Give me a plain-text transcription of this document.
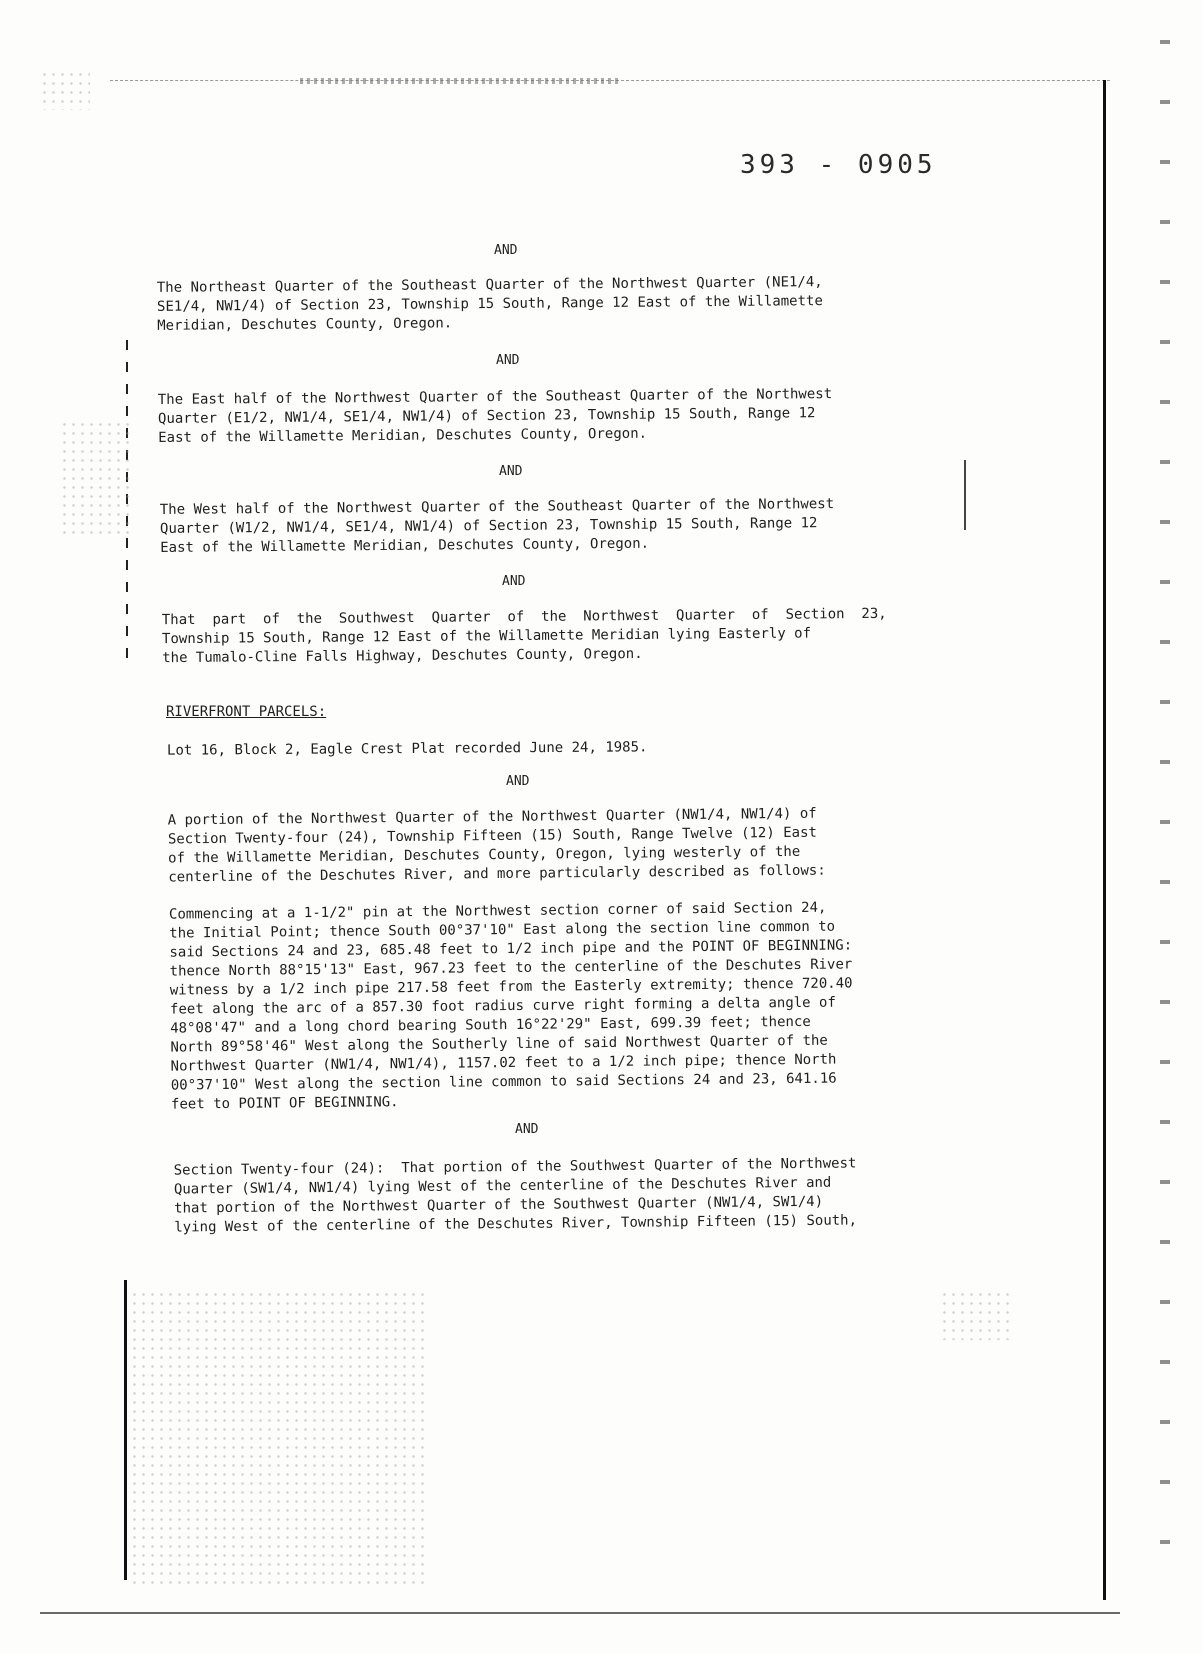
393 - 0905
AND
The Northeast Quarter of the Southeast Quarter of the Northwest Quarter (NE1/4,
SE1/4, NW1/4) of Section 23, Township 15 South, Range 12 East of the Willamette
Meridian, Deschutes County, Oregon.
AND
The East half of the Northwest Quarter of the Southeast Quarter of the Northwest
Quarter (E1/2, NW1/4, SE1/4, NW1/4) of Section 23, Township 15 South, Range 12
East of the Willamette Meridian, Deschutes County, Oregon.
AND
The West half of the Northwest Quarter of the Southeast Quarter of the Northwest
Quarter (W1/2, NW1/4, SE1/4, NW1/4) of Section 23, Township 15 South, Range 12
East of the Willamette Meridian, Deschutes County, Oregon.
AND
That  part  of  the  Southwest  Quarter  of  the  Northwest  Quarter  of  Section  23,
Township 15 South, Range 12 East of the Willamette Meridian lying Easterly of
the Tumalo-Cline Falls Highway, Deschutes County, Oregon.
RIVERFRONT PARCELS:
Lot 16, Block 2, Eagle Crest Plat recorded June 24, 1985.
AND
A portion of the Northwest Quarter of the Northwest Quarter (NW1/4, NW1/4) of
Section Twenty-four (24), Township Fifteen (15) South, Range Twelve (12) East
of the Willamette Meridian, Deschutes County, Oregon, lying westerly of the
centerline of the Deschutes River, and more particularly described as follows:
Commencing at a 1-1/2" pin at the Northwest section corner of said Section 24,
the Initial Point; thence South 00°37'10" East along the section line common to
said Sections 24 and 23, 685.48 feet to 1/2 inch pipe and the POINT OF BEGINNING:
thence North 88°15'13" East, 967.23 feet to the centerline of the Deschutes River
witness by a 1/2 inch pipe 217.58 feet from the Easterly extremity; thence 720.40
feet along the arc of a 857.30 foot radius curve right forming a delta angle of
48°08'47" and a long chord bearing South 16°22'29" East, 699.39 feet; thence
North 89°58'46" West along the Southerly line of said Northwest Quarter of the
Northwest Quarter (NW1/4, NW1/4), 1157.02 feet to a 1/2 inch pipe; thence North
00°37'10" West along the section line common to said Sections 24 and 23, 641.16
feet to POINT OF BEGINNING.
AND
Section Twenty-four (24):  That portion of the Southwest Quarter of the Northwest
Quarter (SW1/4, NW1/4) lying West of the centerline of the Deschutes River and
that portion of the Northwest Quarter of the Southwest Quarter (NW1/4, SW1/4)
lying West of the centerline of the Deschutes River, Township Fifteen (15) South,
